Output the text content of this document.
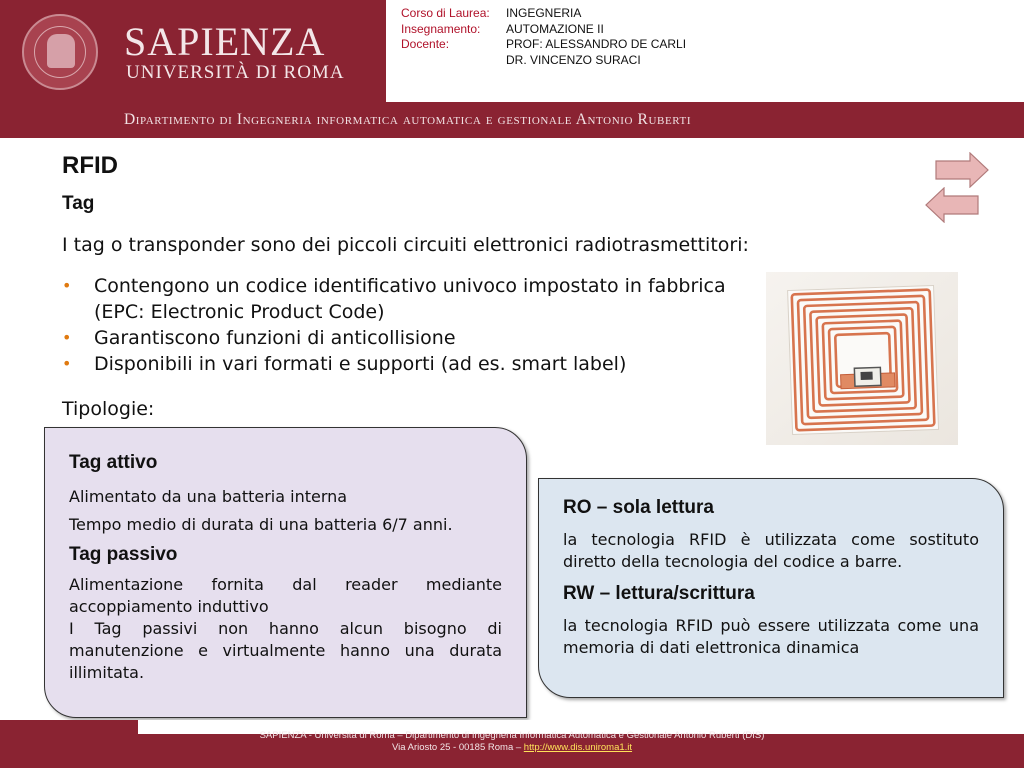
SAPIENZA
UNIVERSITÀ DI ROMA
Corso di Laurea: INGEGNERIA
Insegnamento: AUTOMAZIONE II
Docente:	PROF: ALESSANDRO DE CARLI
DR. VINCENZO SURACI
Dipartimento di Ingegneria informatica automatica e gestionale Antonio Ruberti
RFID
Tag
I tag o transponder sono dei piccoli circuiti elettronici radiotrasmettitori:
• Contengono un codice identificativo univoco impostato in fabbrica (EPC: Electronic Product Code)
• Garantiscono funzioni di anticollisione
• Disponibili in vari formati e supporti (ad es. smart label)
Tipologie:
Tag attivo

Alimentato da una batteria interna

Tempo medio di durata di una batteria 6/7 anni.

Tag passivo

Alimentazione fornita dal reader mediante accoppiamento induttivo

I Tag passivi non hanno alcun bisogno di manutenzione e virtualmente hanno una durata illimitata.

RO – sola lettura

la tecnologia RFID è utilizzata come sostituto diretto della tecnologia del codice a barre.

RW – lettura/scrittura

la tecnologia RFID può essere utilizzata come una memoria di dati elettronica dinamica

SAPIENZA - Università di Roma – Dipartimento di Ingegneria Informatica Automatica e Gestionale Antonio Ruberti (DIS)
Via Ariosto 25 - 00185 Roma – http://www.dis.uniroma1.it
